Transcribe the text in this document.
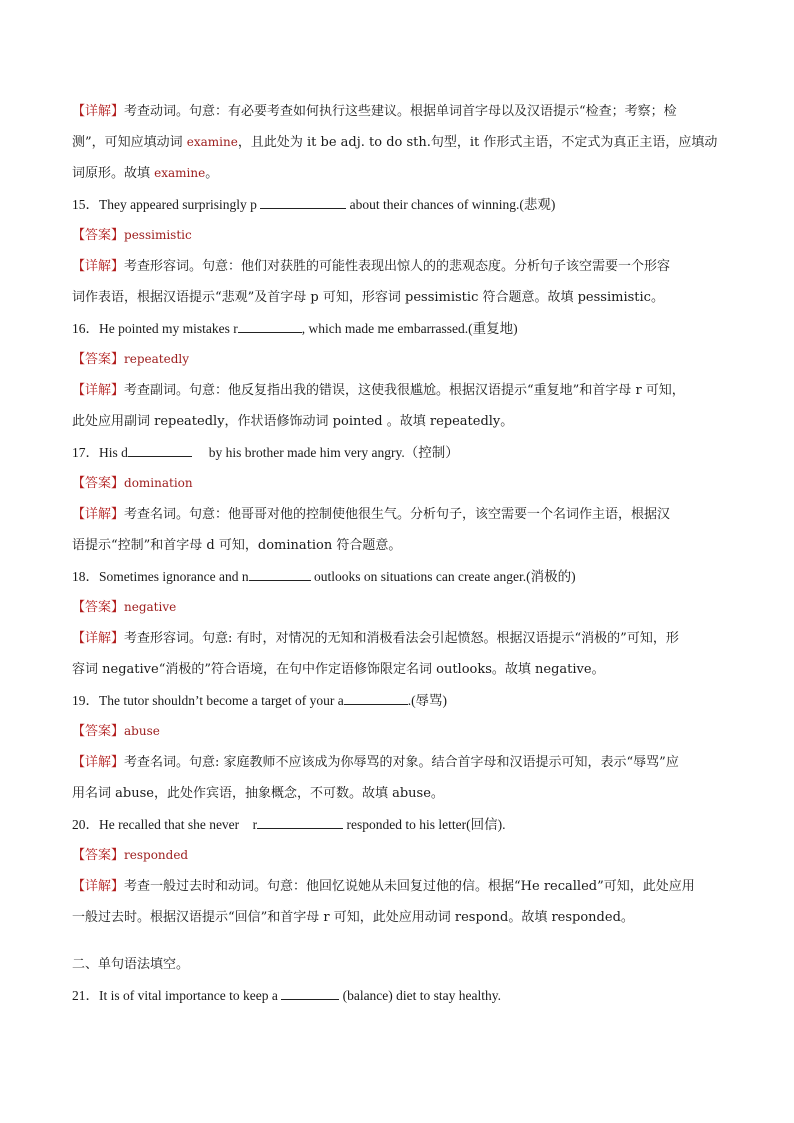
【详解】考查动词。句意：有必要考查如何执行这些建议。根据单词首字母以及汉语提示“检查；考察；检
测”，可知应填动词 examine，且此处为 it be adj. to do sth.句型，it 作形式主语，不定式为真正主语，应填动
词原形。故填 examine。
15．They appeared surprisingly p	about their chances of winning.(悲观)
【答案】pessimistic
【详解】考查形容词。句意：他们对获胜的可能性表现出惊人的的悲观态度。分析句子该空需要一个形容
词作表语，根据汉语提示“悲观”及首字母 p 可知，形容词 pessimistic 符合题意。故填 pessimistic。
16．He pointed my mistakes r	, which made me embarrassed.(重复地)
【答案】repeatedly
【详解】考查副词。句意：他反复指出我的错误，这使我很尴尬。根据汉语提示“重复地”和首字母 r 可知，
此处应用副词 repeatedly，作状语修饰动词 pointed 。故填 repeatedly。
17．His d	by his brother made him very angry.（控制）
【答案】domination
【详解】考查名词。句意：他哥哥对他的控制使他很生气。分析句子，该空需要一个名词作主语，根据汉
语提示“控制”和首字母 d 可知，domination 符合题意。
18．Sometimes ignorance and n	outlooks on situations can create anger.(消极的)
【答案】negative
【详解】考查形容词。句意: 有时，对情况的无知和消极看法会引起愤怒。根据汉语提示“消极的”可知，形
容词 negative“消极的”符合语境，在句中作定语修饰限定名词 outlooks。故填 negative。
19．The tutor shouldn’t become a target of your a	.(辱骂)
【答案】abuse
【详解】考查名词。句意: 家庭教师不应该成为你辱骂的对象。结合首字母和汉语提示可知，表示“辱骂”应
用名词 abuse，此处作宾语，抽象概念，不可数。故填 abuse。
20．He recalled that she never    r	responded to his letter(回信).
【答案】responded
【详解】考查一般过去时和动词。句意：他回忆说她从未回复过他的信。根据“He recalled”可知，此处应用
一般过去时。根据汉语提示“回信”和首字母 r 可知，此处应用动词 respond。故填 responded。
二、单句语法填空。
21．It is of vital importance to keep a	(balance) diet to stay healthy.
